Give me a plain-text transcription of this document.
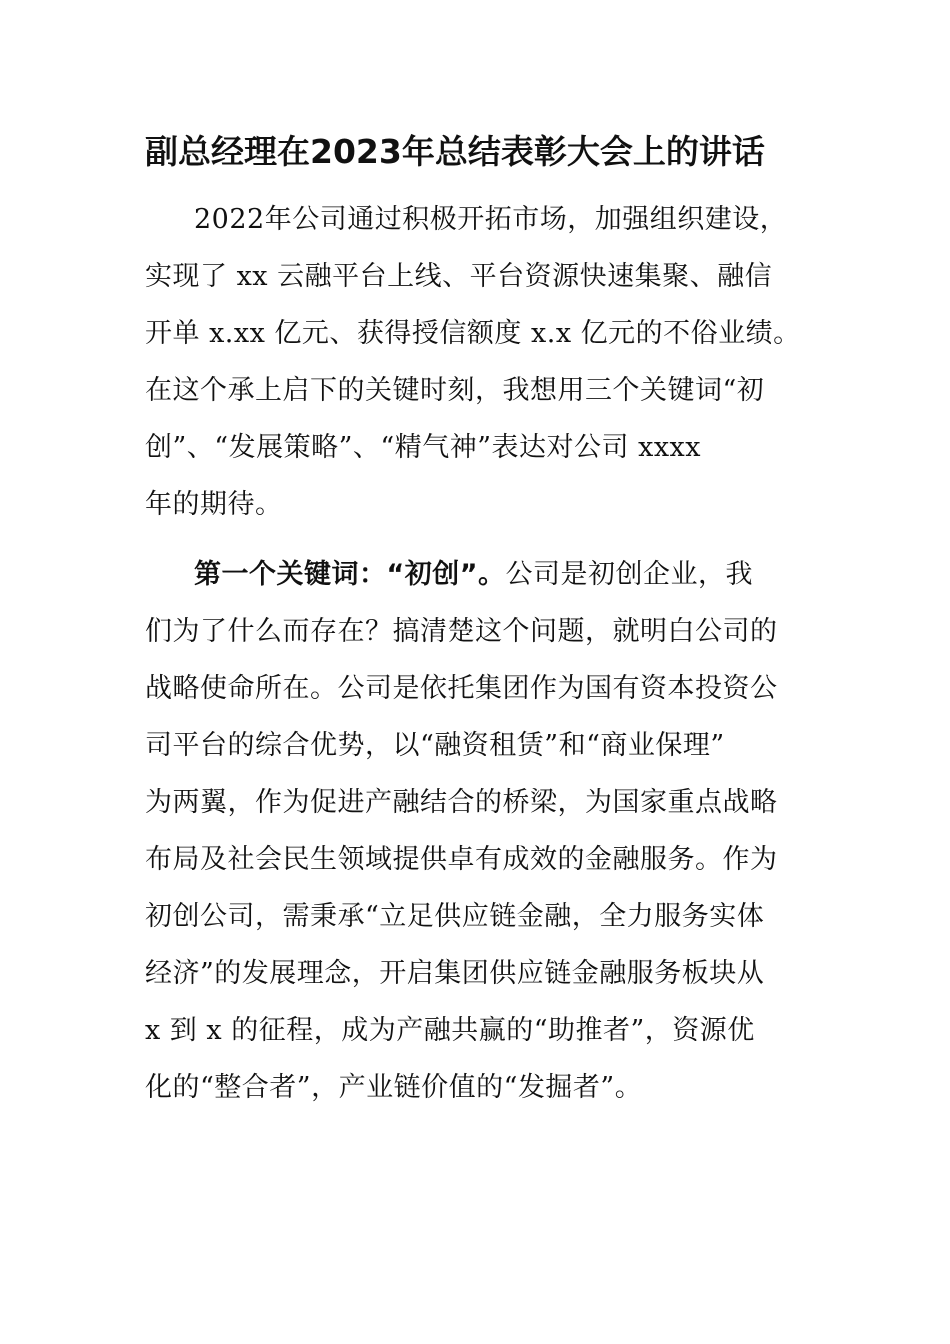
副总经理在2023年总结表彰大会上的讲话
2022年公司通过积极开拓市场，加强组织建设，
实现了 xx 云融平台上线、平台资源快速集聚、融信
开单 x.xx 亿元、获得授信额度 x.x 亿元的不俗业绩。
在这个承上启下的关键时刻，我想用三个关键词“初
创”、“发展策略”、“精气神”表达对公司 xxxx
年的期待。
第一个关键词：“初创”。公司是初创企业，我
们为了什么而存在？搞清楚这个问题，就明白公司的
战略使命所在。公司是依托集团作为国有资本投资公
司平台的综合优势，以“融资租赁”和“商业保理”
为两翼，作为促进产融结合的桥梁，为国家重点战略
布局及社会民生领域提供卓有成效的金融服务。作为
初创公司，需秉承“立足供应链金融，全力服务实体
经济”的发展理念，开启集团供应链金融服务板块从
x 到 x 的征程，成为产融共赢的“助推者”，资源优
化的“整合者”，产业链价值的“发掘者”。
